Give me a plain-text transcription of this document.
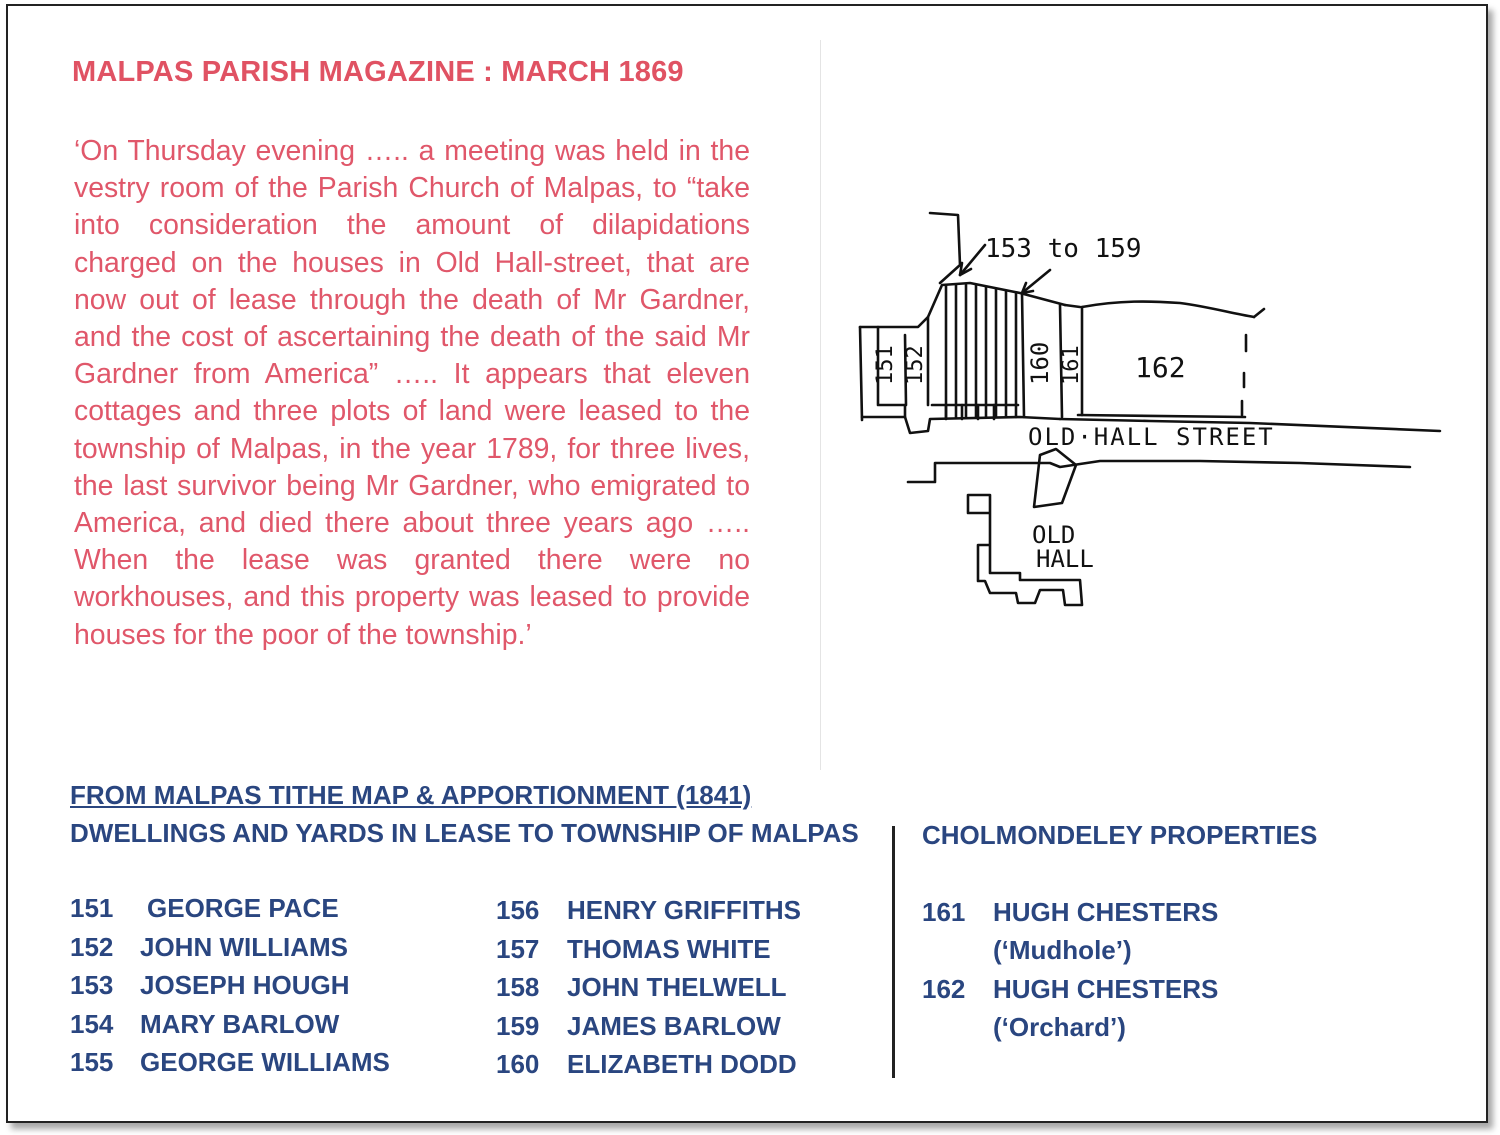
MALPAS PARISH MAGAZINE : MARCH 1869
‘On Thursday evening ….. a meeting was held in the vestry room of the Parish Church of Malpas, to “take into consideration the amount of dilapidations charged on the houses in Old Hall-street, that are now out of lease through the death of Mr Gardner, and the cost of ascertaining the death of the said Mr Gardner from America” ….. It appears that eleven cottages and three plots of land were leased to the township of Malpas, in the year 1789, for three lives, the last survivor being Mr Gardner, who emigrated to America, and died there about three years ago ….. When the lease was granted there were no workhouses, and this property was leased to provide houses for the poor of the township.’
153 to 159
151 152	160 161 162
OLD·HALL STREET
OLD
HALL
FROM MALPAS TITHE MAP & APPORTIONMENT (1841)
DWELLINGS AND YARDS IN LEASE TO TOWNSHIP OF MALPAS CHOLMONDELEY PROPERTIES
151 GEORGE PACE
152 JOHN WILLIAMS
153 JOSEPH HOUGH
154 MARY BARLOW
155 GEORGE WILLIAMS
156 HENRY GRIFFITHS
157 THOMAS WHITE
158 JOHN THELWELL
159 JAMES BARLOW
160 ELIZABETH DODD
161 HUGH CHESTERS
(‘Mudhole’)
162 HUGH CHESTERS
(‘Orchard’)
